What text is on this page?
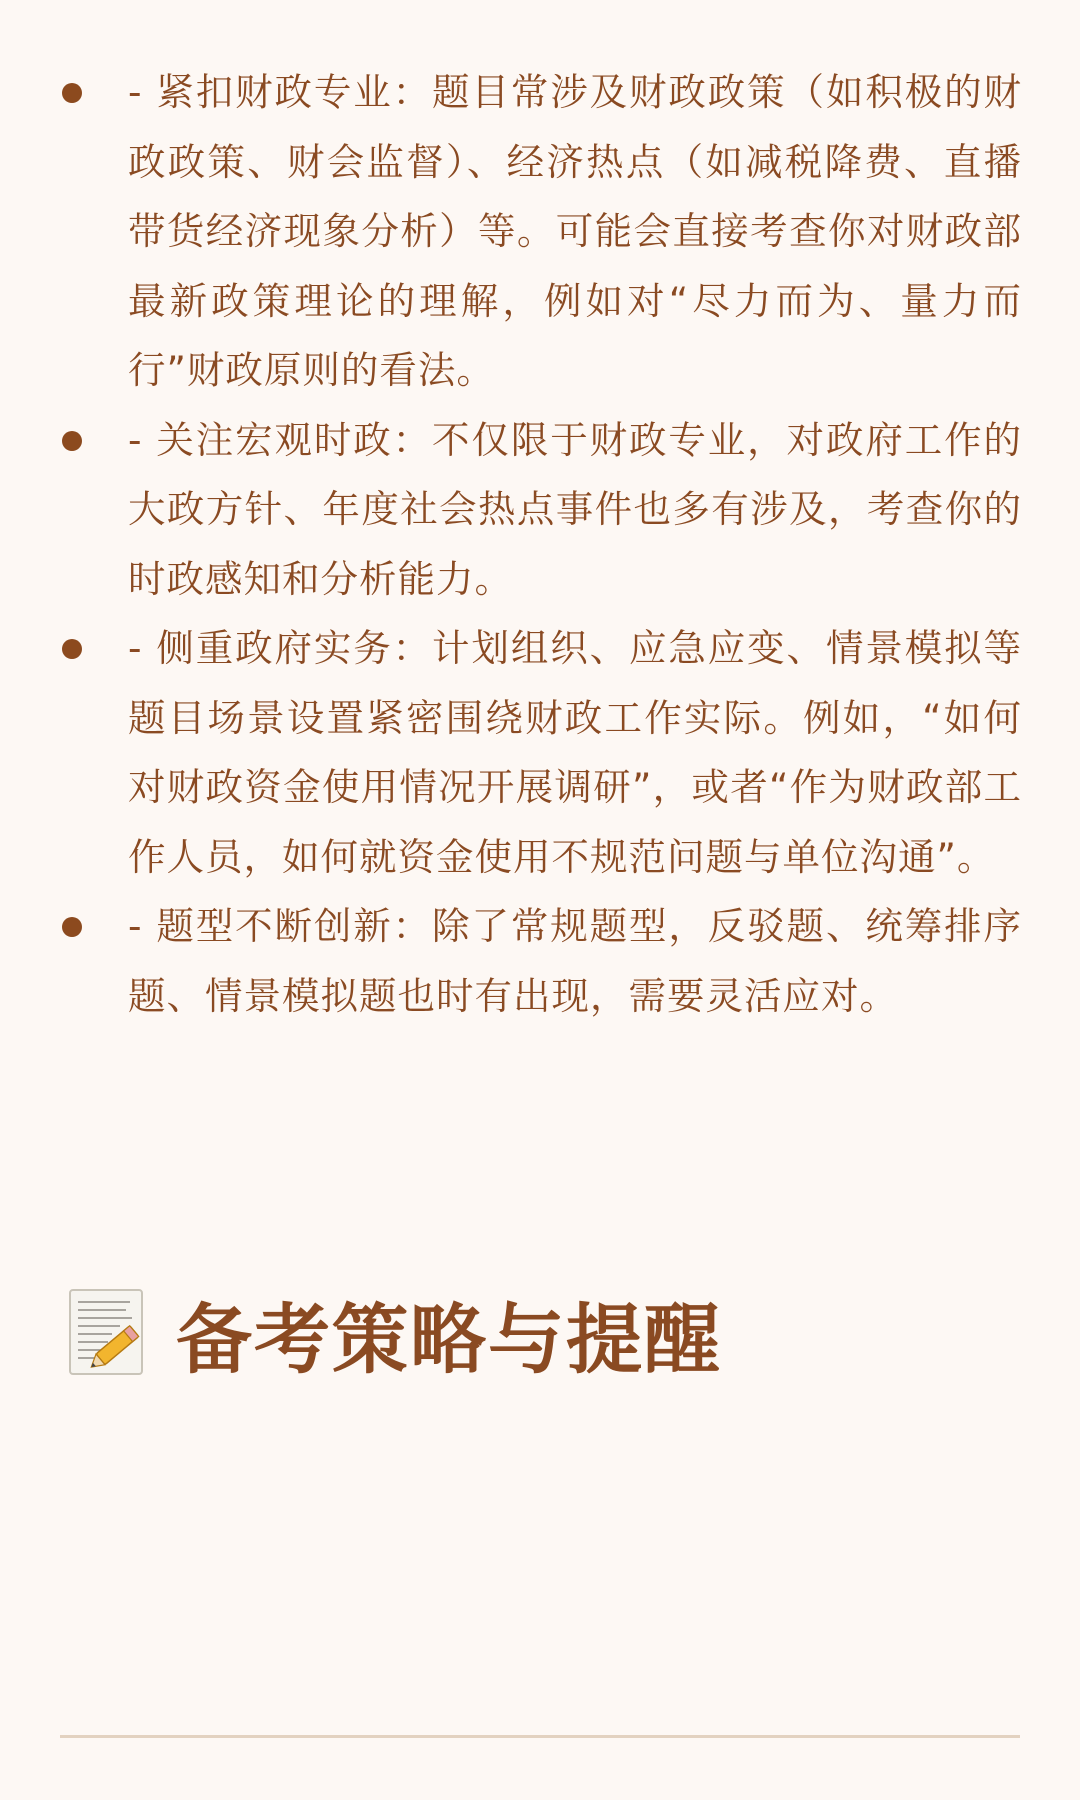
- 紧扣财政专业：题目常涉及财政政策（如积极的财政政策、财会监督）、经济热点（如减税降费、直播带货经济现象分析）等。可能会直接考查你对财政部最新政策理论的理解，例如对“尽力而为、量力而行”财政原则的看法。
- 关注宏观时政：不仅限于财政专业，对政府工作的大政方针、年度社会热点事件也多有涉及，考查你的时政感知和分析能力。
- 侧重政府实务：计划组织、应急应变、情景模拟等题目场景设置紧密围绕财政工作实际。例如，“如何对财政资金使用情况开展调研”，或者“作为财政部工作人员，如何就资金使用不规范问题与单位沟通”。
- 题型不断创新：除了常规题型，反驳题、统筹排序题、情景模拟题也时有出现，需要灵活应对。
备考策略与提醒
